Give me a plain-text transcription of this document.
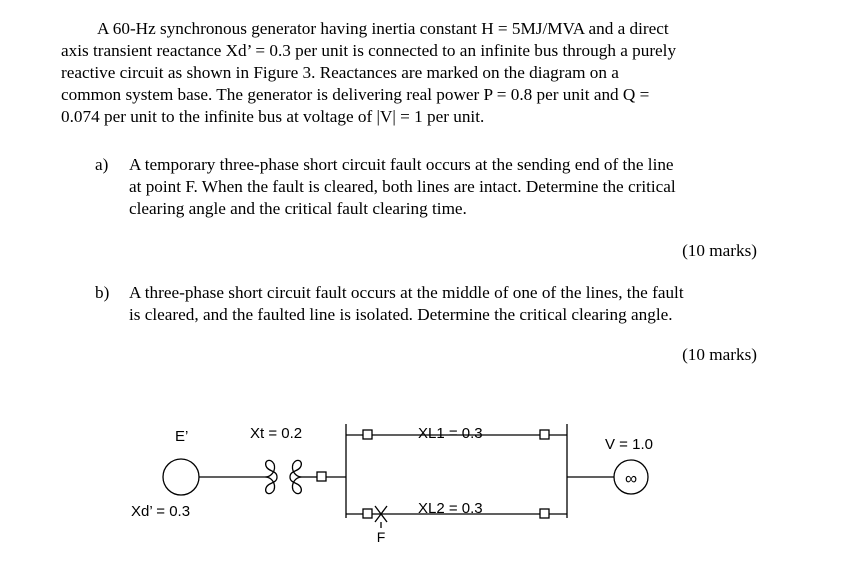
A 60-Hz synchronous generator having inertia constant H = 5MJ/MVA and a direct
axis transient reactance Xd’ = 0.3 per unit is connected to an infinite bus through a purely
reactive circuit as shown in Figure 3. Reactances are marked on the diagram on a
common system base. The generator is delivering real power P = 0.8 per unit and Q =
0.074 per unit to the infinite bus at voltage of |V| = 1 per unit.
a) A temporary three-phase short circuit fault occurs at the sending end of the line
at point F. When the fault is cleared, both lines are intact. Determine the critical
clearing angle and the critical fault clearing time.
(10 marks)
b) A three-phase short circuit fault occurs at the middle of one of the lines, the fault
is cleared, and the faulted line is isolated. Determine the critical clearing angle.
(10 marks)
E’
Xd’ = 0.3
Xt = 0.2	XL1 = 0.3
XL2 = 0.3
V = 1.0
F
∞
